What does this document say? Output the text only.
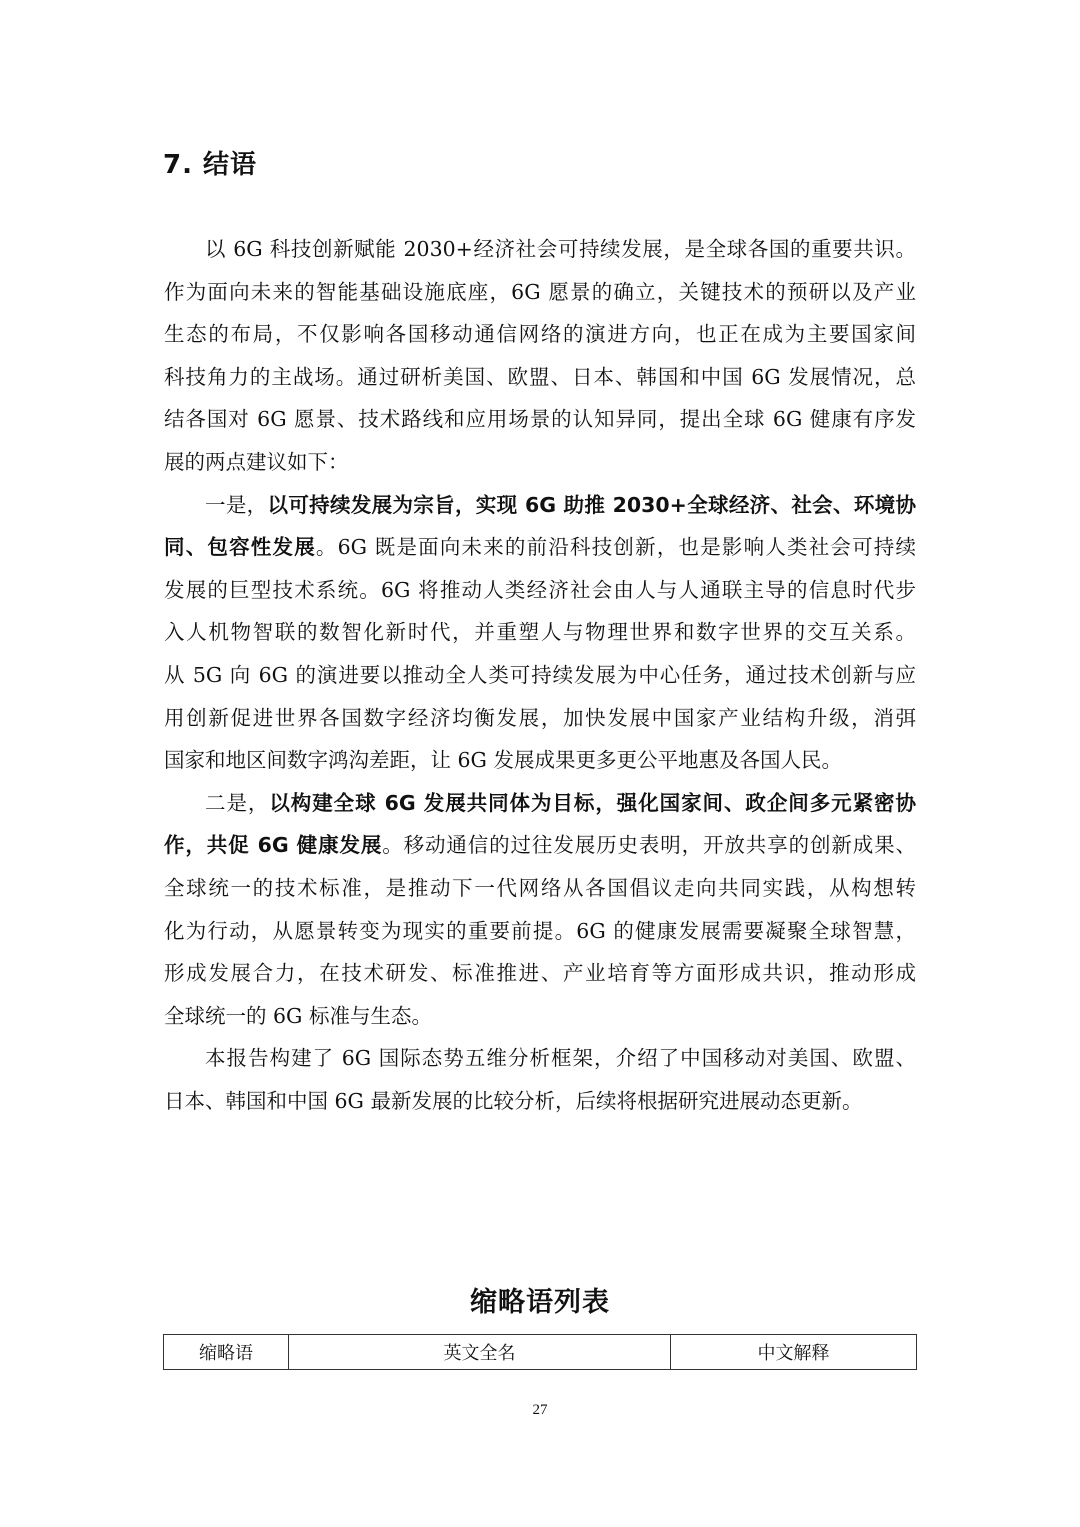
7. 结语
以 6G 科技创新赋能 2030+经济社会可持续发展，是全球各国的重要共识。
作为面向未来的智能基础设施底座，6G 愿景的确立，关键技术的预研以及产业
生态的布局，不仅影响各国移动通信网络的演进方向，也正在成为主要国家间
科技角力的主战场。通过研析美国、欧盟、日本、韩国和中国 6G 发展情况，总
结各国对 6G 愿景、技术路线和应用场景的认知异同，提出全球 6G 健康有序发
展的两点建议如下：
一是，以可持续发展为宗旨，实现 6G 助推 2030+全球经济、社会、环境协
同、包容性发展。6G 既是面向未来的前沿科技创新，也是影响人类社会可持续
发展的巨型技术系统。6G 将推动人类经济社会由人与人通联主导的信息时代步
入人机物智联的数智化新时代，并重塑人与物理世界和数字世界的交互关系。
从 5G 向 6G 的演进要以推动全人类可持续发展为中心任务，通过技术创新与应
用创新促进世界各国数字经济均衡发展，加快发展中国家产业结构升级，消弭
国家和地区间数字鸿沟差距，让 6G 发展成果更多更公平地惠及各国人民。
二是，以构建全球 6G 发展共同体为目标，强化国家间、政企间多元紧密协
作，共促 6G 健康发展。移动通信的过往发展历史表明，开放共享的创新成果、
全球统一的技术标准，是推动下一代网络从各国倡议走向共同实践，从构想转
化为行动，从愿景转变为现实的重要前提。6G 的健康发展需要凝聚全球智慧，
形成发展合力，在技术研发、标准推进、产业培育等方面形成共识，推动形成
全球统一的 6G 标准与生态。
本报告构建了 6G 国际态势五维分析框架，介绍了中国移动对美国、欧盟、
日本、韩国和中国 6G 最新发展的比较分析，后续将根据研究进展动态更新。
缩略语列表
缩略语	英文全名	中文解释
27
